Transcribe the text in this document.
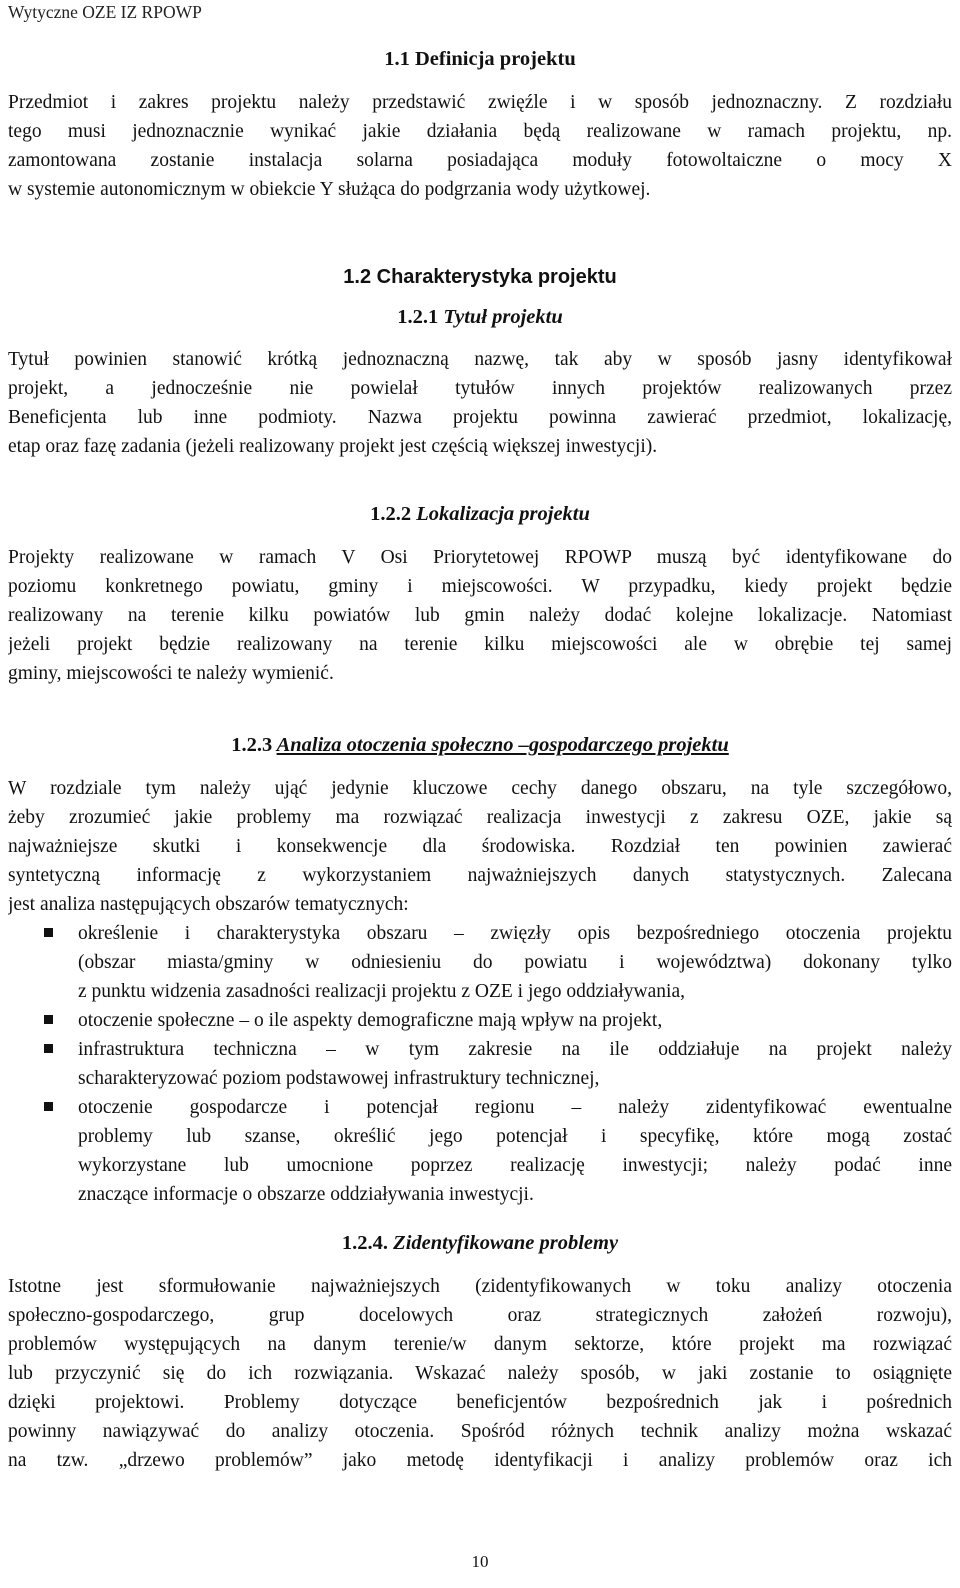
Wytyczne OZE IZ RPOWP
1.1 Definicja projektu
Przedmiot i zakres projektu należy przedstawić zwięźle i w sposób jednoznaczny. Z rozdziału
tego musi jednoznacznie wynikać jakie działania będą realizowane w ramach projektu, np.
zamontowana zostanie instalacja solarna posiadająca moduły fotowoltaiczne o mocy X
w systemie autonomicznym w obiekcie Y służąca do podgrzania wody użytkowej.
1.2 Charakterystyka projektu
1.2.1 Tytuł projektu
Tytuł powinien stanowić krótką jednoznaczną nazwę, tak aby w sposób jasny identyfikował
projekt, a jednocześnie nie powielał tytułów innych projektów realizowanych przez
Beneficjenta lub inne podmioty. Nazwa projektu powinna zawierać przedmiot, lokalizację,
etap oraz fazę zadania (jeżeli realizowany projekt jest częścią większej inwestycji).
1.2.2 Lokalizacja projektu
Projekty realizowane w ramach V Osi Priorytetowej RPOWP muszą być identyfikowane do
poziomu konkretnego powiatu, gminy i miejscowości. W przypadku, kiedy projekt będzie
realizowany na terenie kilku powiatów lub gmin należy dodać kolejne lokalizacje. Natomiast
jeżeli projekt będzie realizowany na terenie kilku miejscowości ale w obrębie tej samej
gminy, miejscowości te należy wymienić.
1.2.3 Analiza otoczenia społeczno –gospodarczego projektu
W rozdziale tym należy ująć jedynie kluczowe cechy danego obszaru, na tyle szczegółowo,
żeby zrozumieć jakie problemy ma rozwiązać realizacja inwestycji z zakresu OZE, jakie są
najważniejsze skutki i konsekwencje dla środowiska. Rozdział ten powinien zawierać
syntetyczną informację z wykorzystaniem najważniejszych danych statystycznych. Zalecana
jest analiza następujących obszarów tematycznych:
określenie i charakterystyka obszaru – zwięzły opis bezpośredniego otoczenia projektu
(obszar miasta/gminy w odniesieniu do powiatu i województwa) dokonany tylko
z punktu widzenia zasadności realizacji projektu z OZE i jego oddziaływania,
otoczenie społeczne – o ile aspekty demograficzne mają wpływ na projekt,
infrastruktura techniczna – w tym zakresie na ile oddziałuje na projekt należy
scharakteryzować poziom podstawowej infrastruktury technicznej,
otoczenie gospodarcze i potencjał regionu – należy zidentyfikować ewentualne
problemy lub szanse, określić jego potencjał i specyfikę, które mogą zostać
wykorzystane lub umocnione poprzez realizację inwestycji; należy podać inne
znaczące informacje o obszarze oddziaływania inwestycji.
1.2.4. Zidentyfikowane problemy
Istotne jest sformułowanie najważniejszych (zidentyfikowanych w toku analizy otoczenia
społeczno-gospodarczego, grup docelowych oraz strategicznych założeń rozwoju),
problemów występujących na danym terenie/w danym sektorze, które projekt ma rozwiązać
lub przyczynić się do ich rozwiązania. Wskazać należy sposób, w jaki zostanie to osiągnięte
dzięki projektowi. Problemy dotyczące beneficjentów bezpośrednich jak i pośrednich
powinny nawiązywać do analizy otoczenia. Spośród różnych technik analizy można wskazać
na tzw. „drzewo problemów” jako metodę identyfikacji i analizy problemów oraz ich
10
